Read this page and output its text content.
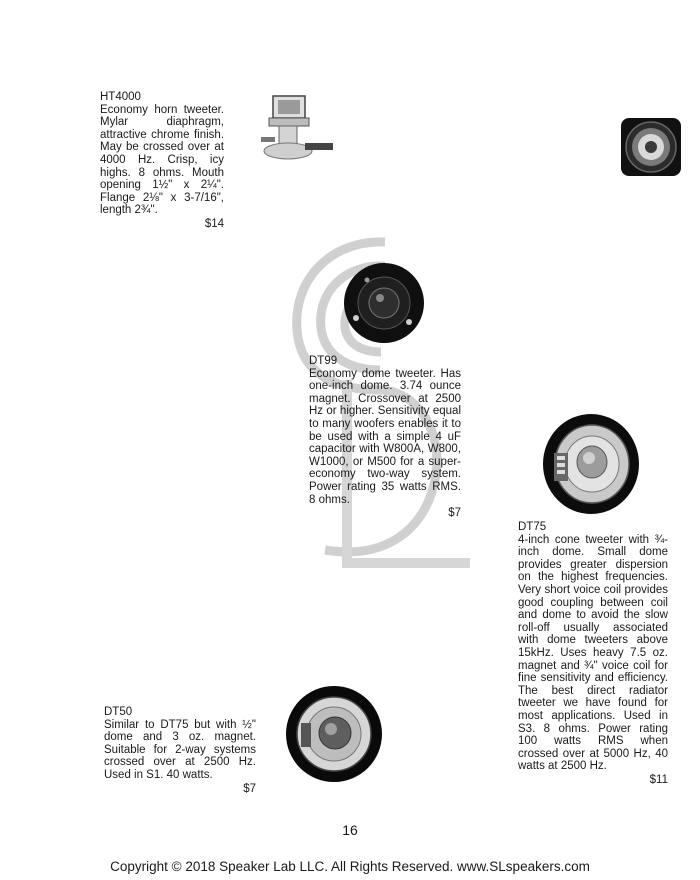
HT4000
Economy horn tweeter. Mylar diaphragm, attractive chrome finish. May be crossed over at 4000 Hz. Crisp, icy highs. 8 ohms. Mouth opening 1½" x 2¼". Flange 2⅛" x 3-7/16", length 2¾".
$14
DT99
Economy dome tweeter. Has one-inch dome. 3.74 ounce magnet. Crossover at 2500 Hz or higher. Sensitivity equal to many woofers enables it to be used with a simple 4 uF capacitor with W800A, W800, W1000, or M500 for a super-economy two-way system. Power rating 35 watts RMS. 8 ohms.
$7
DT75
4-inch cone tweeter with ¾-inch dome. Small dome provides greater dispersion on the highest frequencies. Very short voice coil provides good coupling between coil and dome to avoid the slow roll-off usually associated with dome tweeters above 15kHz. Uses heavy 7.5 oz. magnet and ¾" voice coil for fine sensitivity and efficiency. The best direct radiator tweeter we have found for most applications. Used in S3. 8 ohms. Power rating 100 watts RMS when crossed over at 5000 Hz, 40 watts at 2500 Hz.
$11
DT50
Similar to DT75 but with ½" dome and 3 oz. magnet. Suitable for 2-way systems crossed over at 2500 Hz. Used in S1. 40 watts.
$7
16
Copyright © 2018 Speaker Lab LLC. All Rights Reserved. www.SLspeakers.com
